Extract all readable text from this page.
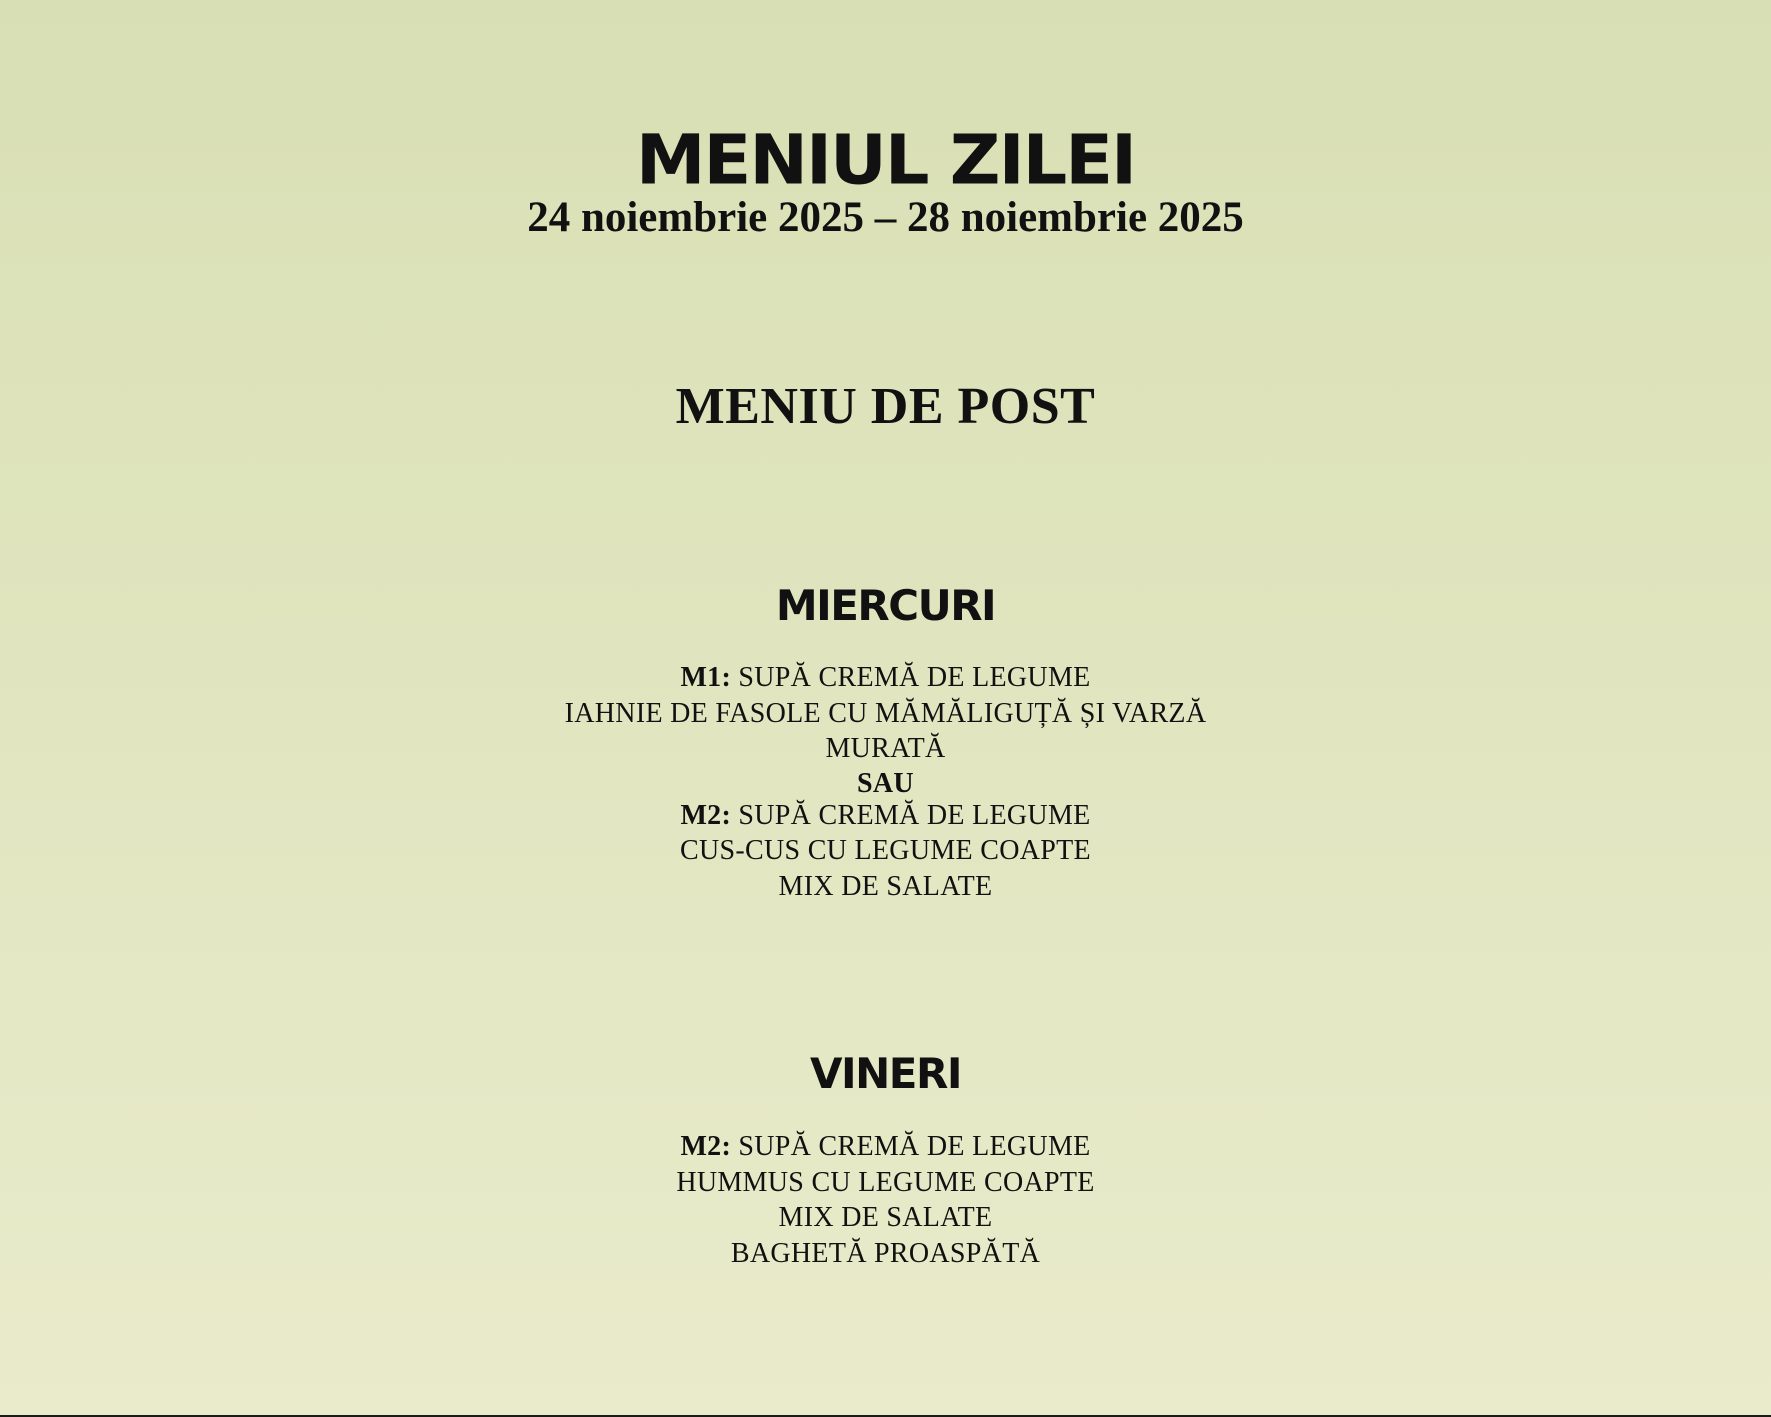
MENIUL ZILEI
24 noiembrie 2025 – 28 noiembrie 2025
MENIU DE POST
MIERCURI
M1: SUPĂ CREMĂ DE LEGUME
IAHNIE DE FASOLE CU MĂMĂLIGUȚĂ ȘI VARZĂ
MURATĂ
SAU
M2: SUPĂ CREMĂ DE LEGUME
CUS-CUS CU LEGUME COAPTE
MIX DE SALATE
VINERI
M2: SUPĂ CREMĂ DE LEGUME
HUMMUS CU LEGUME COAPTE
MIX DE SALATE
BAGHETĂ PROASPĂTĂ
